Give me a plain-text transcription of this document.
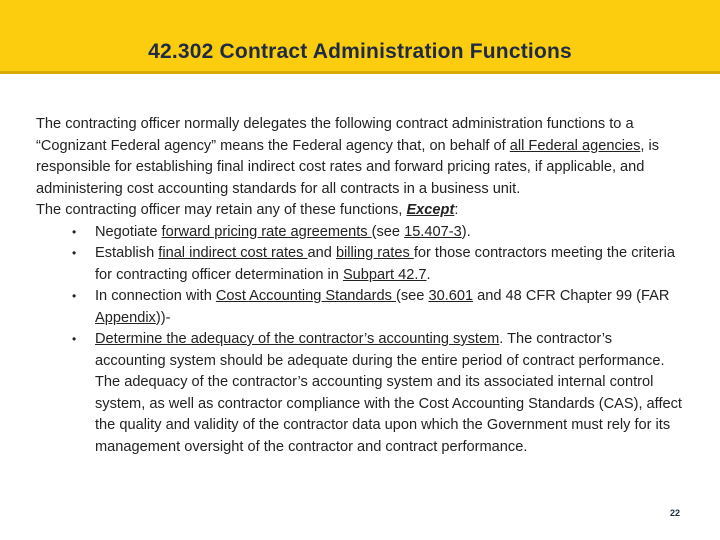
42.302 Contract Administration Functions

The contracting officer normally delegates the following contract administration functions to a “Cognizant Federal agency” means the Federal agency that, on behalf of all Federal agencies, is responsible for establishing final indirect cost rates and forward pricing rates, if applicable, and administering cost accounting standards for all contracts in a business unit.

The contracting officer may retain any of these functions, Except:

• Negotiate forward pricing rate agreements (see 15.407-3).
• Establish final indirect cost rates and billing rates for those contractors meeting the criteria for contracting officer determination in Subpart 42.7.
• In connection with Cost Accounting Standards (see 30.601 and 48 CFR Chapter 99 (FAR Appendix))-
• Determine the adequacy of the contractor’s accounting system. The contractor’s accounting system should be adequate during the entire period of contract performance. The adequacy of the contractor’s accounting system and its associated internal control system, as well as contractor compliance with the Cost Accounting Standards (CAS), affect the quality and validity of the contractor data upon which the Government must rely for its management oversight of the contractor and contract performance.
22
